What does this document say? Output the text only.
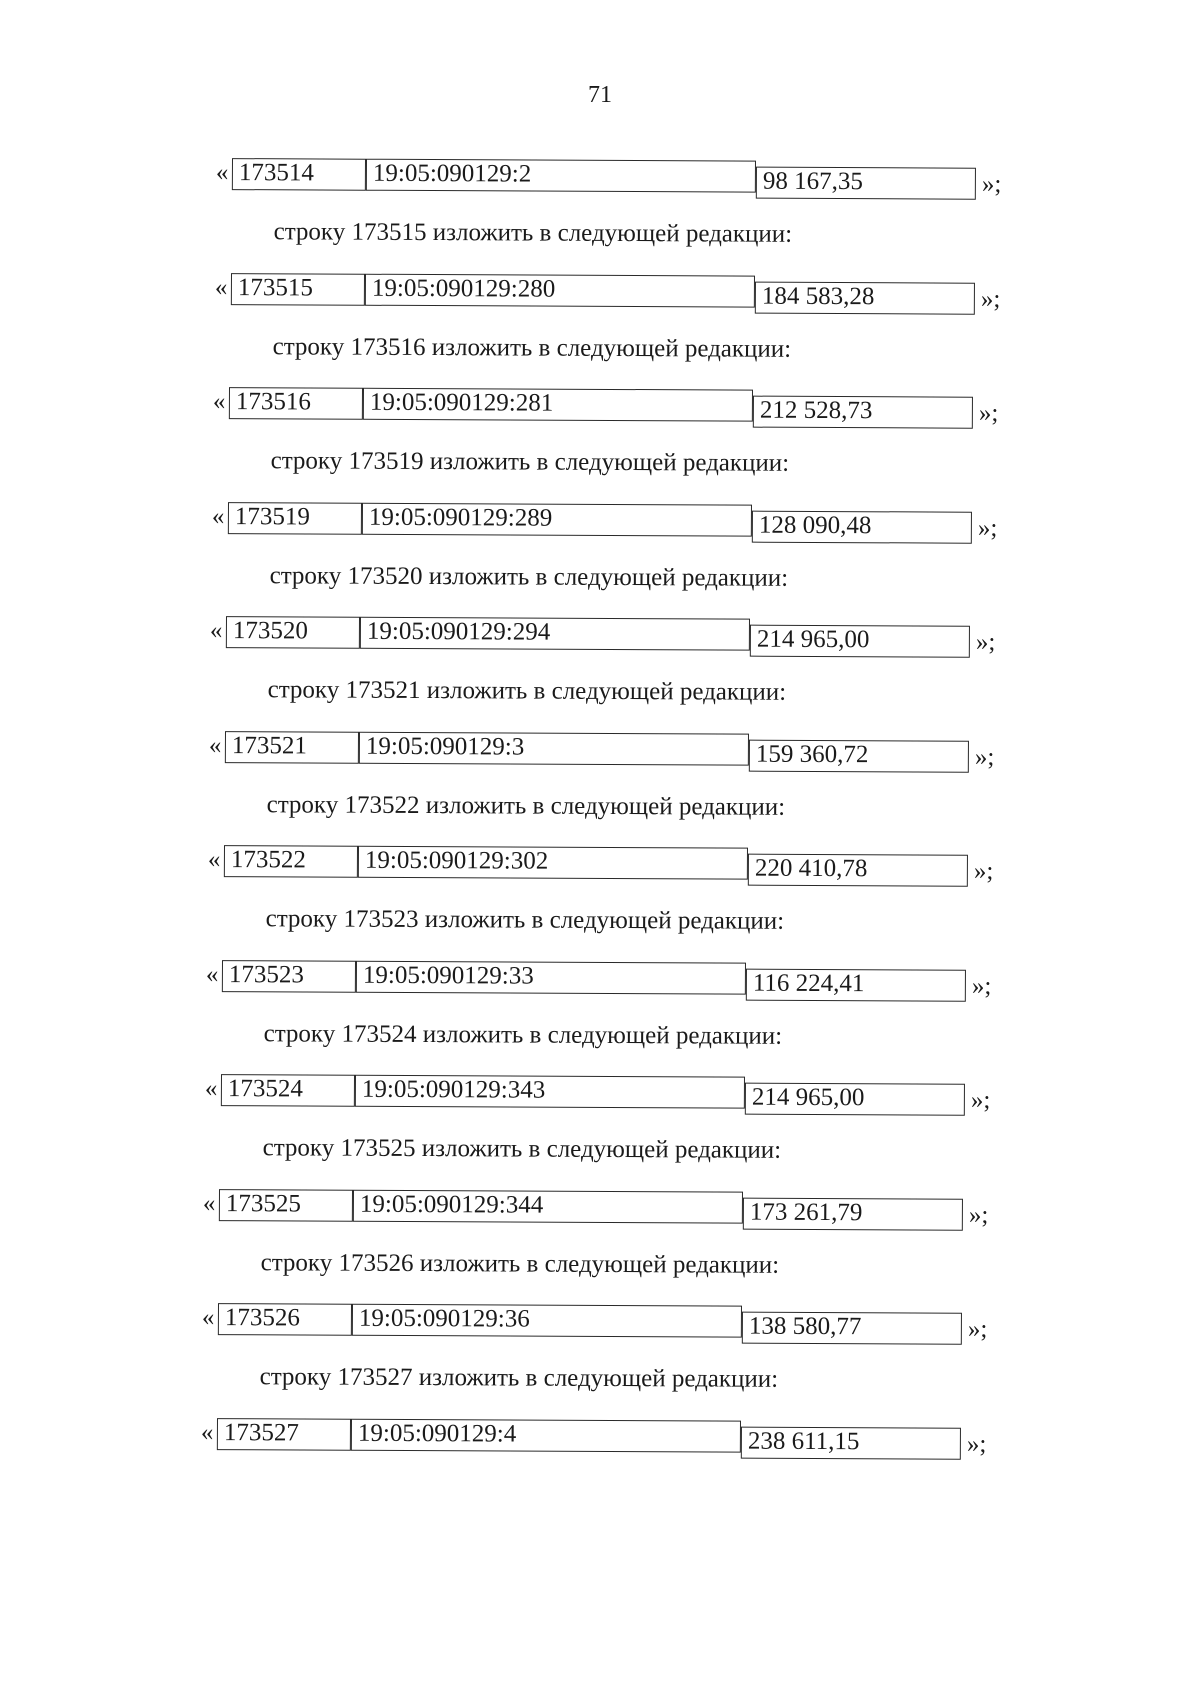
71
« 173514	19:05:090129:2	98 167,35	»;
строку 173515 изложить в следующей редакции:
« 173515	19:05:090129:280	184 583,28	»;
строку 173516 изложить в следующей редакции:
« 173516	19:05:090129:281	212 528,73	»;
строку 173519 изложить в следующей редакции:
« 173519	19:05:090129:289	128 090,48	»;
строку 173520 изложить в следующей редакции:
« 173520	19:05:090129:294	214 965,00	»;
строку 173521 изложить в следующей редакции:
« 173521	19:05:090129:3	159 360,72	»;
строку 173522 изложить в следующей редакции:
« 173522	19:05:090129:302	220 410,78	»;
строку 173523 изложить в следующей редакции:
« 173523	19:05:090129:33	116 224,41	»;
строку 173524 изложить в следующей редакции:
« 173524	19:05:090129:343	214 965,00	»;
строку 173525 изложить в следующей редакции:
« 173525	19:05:090129:344	173 261,79	»;
строку 173526 изложить в следующей редакции:
« 173526	19:05:090129:36	138 580,77	»;
строку 173527 изложить в следующей редакции:
« 173527	19:05:090129:4	238 611,15	»;
